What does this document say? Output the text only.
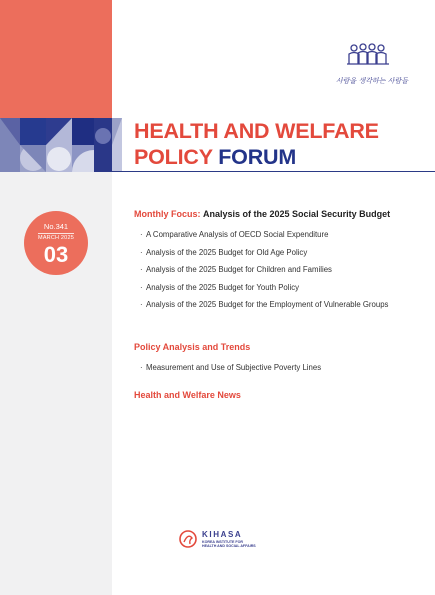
사람을 생각하는 사람들
HEALTH AND WELFARE
POLICY FORUM
No.341
MARCH 2025
03
Monthly Focus: Analysis of the 2025 Social Security Budget
· A Comparative Analysis of OECD Social Expenditure
· Analysis of the 2025 Budget for Old Age Policy
· Analysis of the 2025 Budget for Children and Families
· Analysis of the 2025 Budget for Youth Policy
· Analysis of the 2025 Budget for the Employment of Vulnerable Groups
Policy Analysis and Trends
· Measurement and Use of Subjective Poverty Lines
Health and Welfare News
KIHASA
KOREA INSTITUTE FOR
HEALTH AND SOCIAL AFFAIRS
